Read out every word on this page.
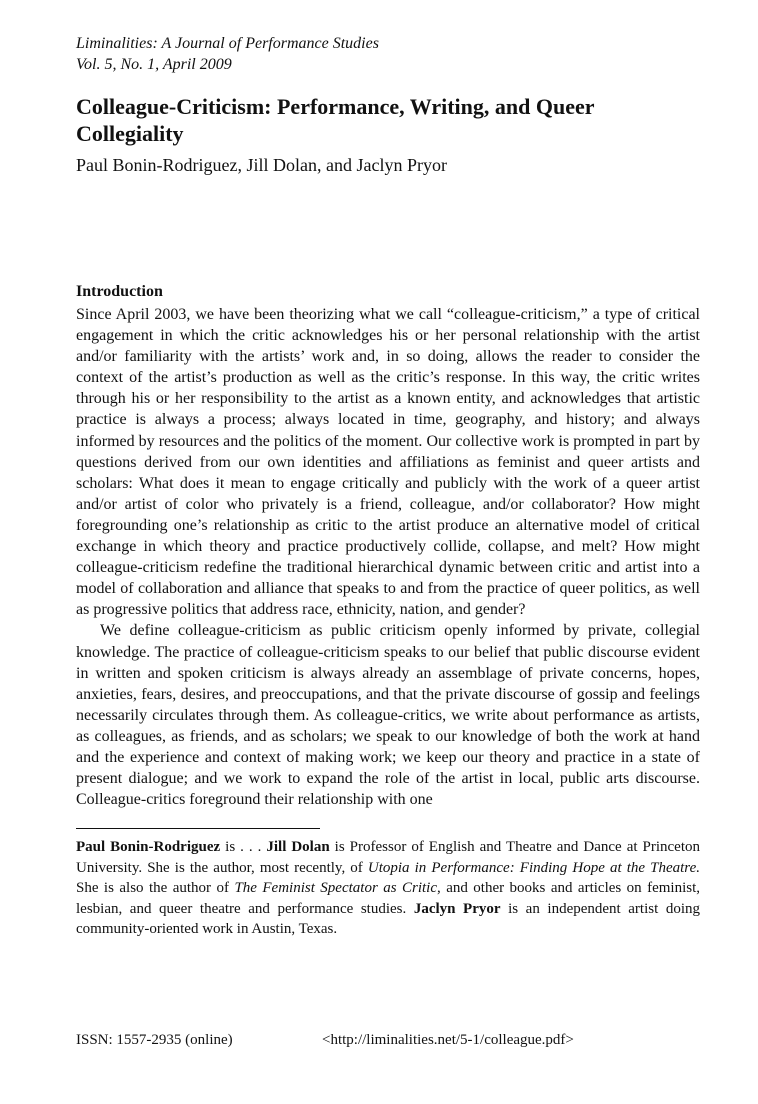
Liminalities: A Journal of Performance Studies
Vol. 5, No. 1, April 2009
Colleague-Criticism: Performance, Writing, and Queer Collegiality

Paul Bonin-Rodriguez, Jill Dolan, and Jaclyn Pryor

Introduction

Since April 2003, we have been theorizing what we call “colleague-criticism,” a type of critical engagement in which the critic acknowledges his or her personal relationship with the artist and/or familiarity with the artists’ work and, in so doing, allows the reader to consider the context of the artist’s production as well as the critic’s response. In this way, the critic writes through his or her responsibility to the artist as a known entity, and acknowledges that artistic practice is always a process; always located in time, geography, and history; and always informed by resources and the politics of the moment. Our collective work is prompted in part by questions derived from our own identities and affiliations as feminist and queer artists and scholars: What does it mean to engage critically and publicly with the work of a queer artist and/or artist of color who privately is a friend, colleague, and/or collaborator? How might foregrounding one’s relationship as critic to the artist produce an alternative model of critical exchange in which theory and practice productively collide, collapse, and melt? How might colleague-criticism redefine the traditional hierarchical dynamic between critic and artist into a model of collaboration and alliance that speaks to and from the practice of queer politics, as well as progressive politics that address race, ethnicity, nation, and gender?

We define colleague-criticism as public criticism openly informed by private, collegial knowledge. The practice of colleague-criticism speaks to our belief that public discourse evident in written and spoken criticism is always already an assemblage of private concerns, hopes, anxieties, fears, desires, and preoccupations, and that the private discourse of gossip and feelings necessarily circulates through them. As colleague-critics, we write about performance as artists, as colleagues, as friends, and as scholars; we speak to our knowledge of both the work at hand and the experience and context of making work; we keep our theory and practice in a state of present dialogue; and we work to expand the role of the artist in local, public arts discourse. Colleague-critics foreground their relationship with one

Paul Bonin-Rodriguez is . . . Jill Dolan is Professor of English and Theatre and Dance at Princeton University. She is the author, most recently, of Utopia in Performance: Finding Hope at the Theatre. She is also the author of The Feminist Spectator as Critic, and other books and articles on feminist, lesbian, and queer theatre and performance studies. Jaclyn Pryor is an independent artist doing community-oriented work in Austin, Texas.

ISSN: 1557-2935 (online)	<http://liminalities.net/5-1/colleague.pdf>
